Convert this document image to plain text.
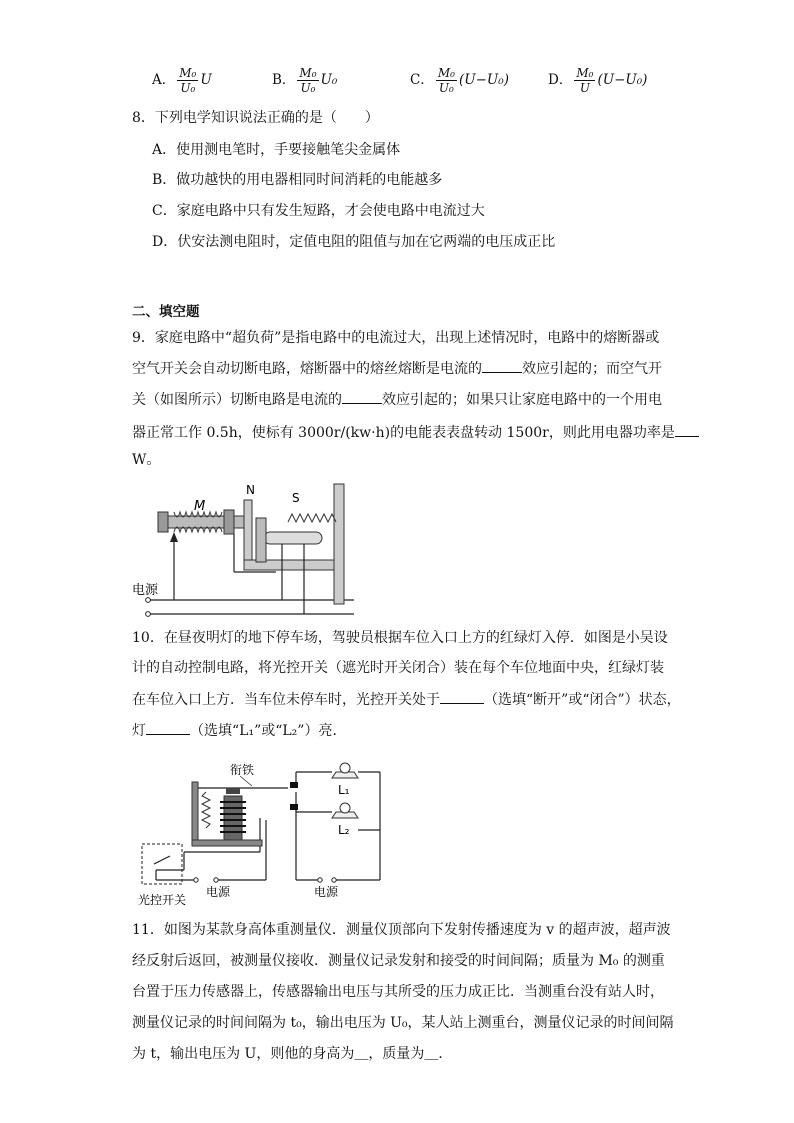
A． $\frac{\text{M₀}}{\text{U₀}}$ U	B． $\frac{\text{M₀}}{\text{U₀}} U_0$	C． $\frac{\text{M₀}}{\text{U₀}} (U-U_0)$	D． $\frac{\text{M₀}}{U} (U-U_0)$
8．下列电学知识说法正确的是（　　）
A．使用测电笔时，手要接触笔尖金属体
B．做功越快的用电器相同时间消耗的电能越多
C．家庭电路中只有发生短路，才会使电路中电流过大
D．伏安法测电阻时，定值电阻的阻值与加在它两端的电压成正比
二、填空题
9．家庭电路中“超负荷”是指电路中的电流过大，出现上述情况时，电路中的熔断器或
空气开关会自动切断电路，熔断器中的熔丝熔断是电流的	效应引起的；而空气开
关（如图所示）切断电路是电流的	效应引起的；如果只让家庭电路中的一个用电
器正常工作 0.5h，使标有 3000r/(kw·h)的电能表表盘转动 1500r，则此用电器功率是
W。
M
N
S
电源
10．在昼夜明灯的地下停车场，驾驶员根据车位入口上方的红绿灯入停．如图是小吴设
计的自动控制电路，将光控开关（遮光时开关闭合）装在每个车位地面中央，红绿灯装
在车位入口上方．当车位未停车时，光控开关处于	（选填“断开”或“闭合”）状态，
灯	（选填“L₁”或“L₂”）亮．
衔铁
L₁
L₂
电源	电源
光控开关
11．如图为某款身高体重测量仪．测量仪顶部向下发射传播速度为 v 的超声波，超声波
经反射后返回，被测量仪接收．测量仪记录发射和接受的时间间隔；质量为 M₀ 的测重
台置于压力传感器上，传感器输出电压与其所受的压力成正比．当测重台没有站人时，
测量仪记录的时间间隔为 t₀，输出电压为 U₀，某人站上测重台，测量仪记录的时间间隔
为 t，输出电压为 U，则他的身高为＿，质量为＿．
